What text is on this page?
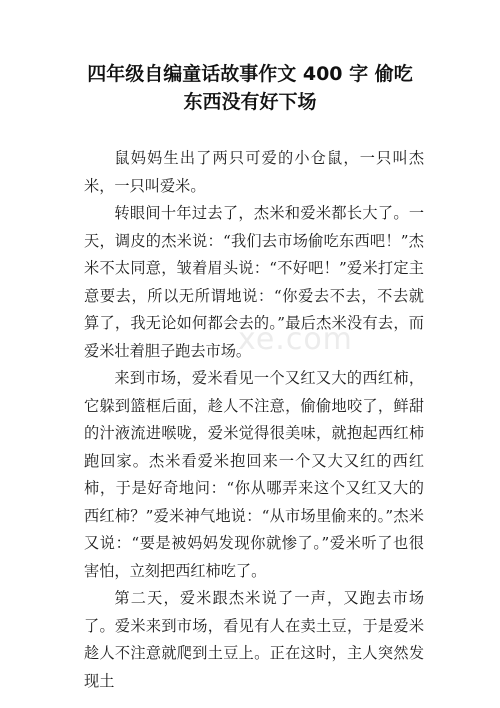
四年级自编童话故事作文 400 字 偷吃
东西没有好下场

鼠妈妈生出了两只可爱的小仓鼠，一只叫杰米，一只叫爱米。

转眼间十年过去了，杰米和爱米都长大了。一天，调皮的杰米说：“我们去市场偷吃东西吧！”杰米不太同意，皱着眉头说：“不好吧！”爱米打定主意要去，所以无所谓地说：“你爱去不去，不去就算了，我无论如何都会去的。”最后杰米没有去，而爱米壮着胆子跑去市场。

来到市场，爱米看见一个又红又大的西红柿，它躲到篮框后面，趁人不注意，偷偷地咬了，鲜甜的汁液流进喉咙，爱米觉得很美味，就抱起西红柿跑回家。杰米看爱米抱回来一个又大又红的西红柿，于是好奇地问：“你从哪弄来这个又红又大的西红柿？”爱米神气地说：“从市场里偷来的。”杰米又说：“要是被妈妈发现你就惨了。”爱米听了也很害怕，立刻把西红柿吃了。

第二天，爱米跟杰米说了一声，又跑去市场了。爱米来到市场，看见有人在卖土豆，于是爱米趁人不注意就爬到土豆上。正在这时，主人突然发现土

xe.com
